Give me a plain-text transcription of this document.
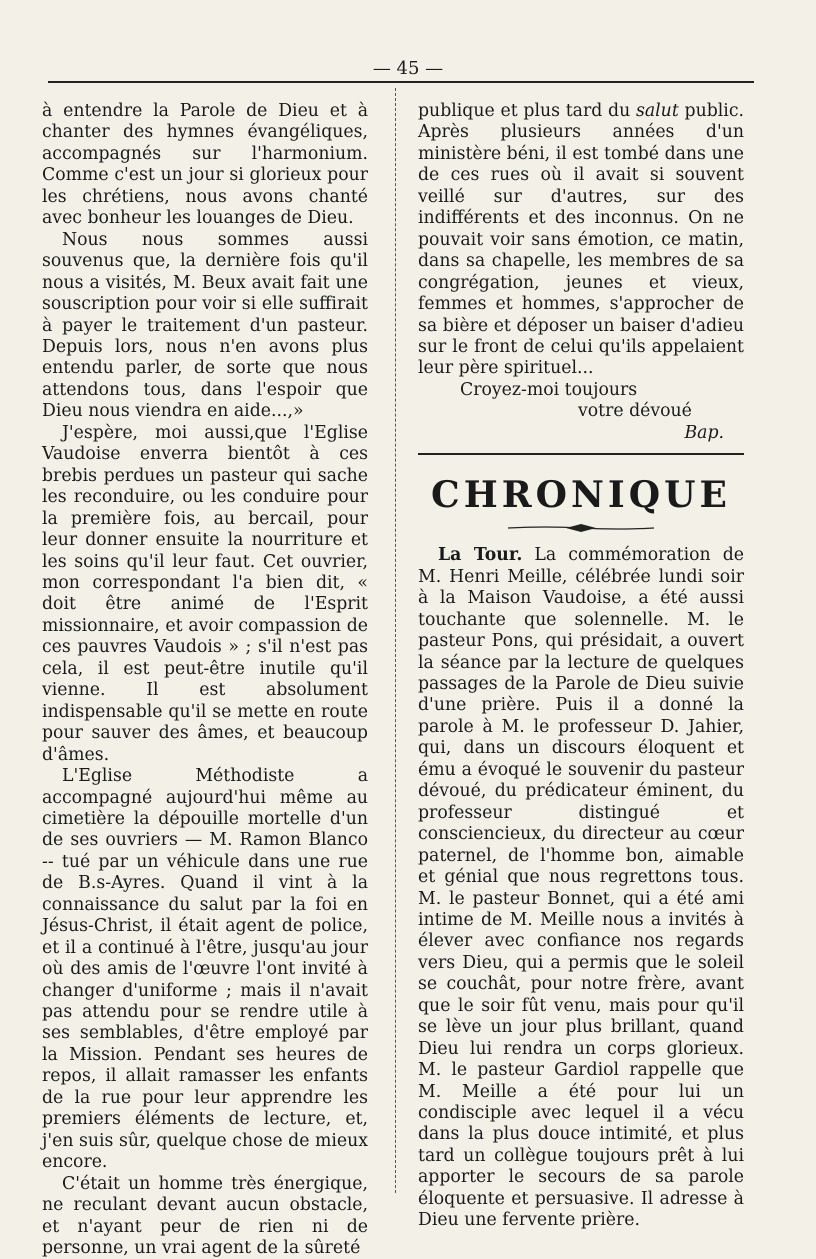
— 45 —

à entendre la Parole de Dieu et à chanter des hymnes évangéliques, accompagnés sur l'harmonium. Comme c'est un jour si glorieux pour les chrétiens, nous avons chanté avec bonheur les louanges de Dieu.

Nous nous sommes aussi souvenus que, la dernière fois qu'il nous a visités, M. Beux avait fait une souscription pour voir si elle suffirait à payer le traitement d'un pasteur. Depuis lors, nous n'en avons plus entendu parler, de sorte que nous attendons tous, dans l'espoir que Dieu nous viendra en aide...,»

J'espère, moi aussi,que l'Eglise Vaudoise enverra bientôt à ces brebis perdues un pasteur qui sache les reconduire, ou les conduire pour la première fois, au bercail, pour leur donner ensuite la nourriture et les soins qu'il leur faut. Cet ouvrier, mon correspondant l'a bien dit, « doit être animé de l'Esprit missionnaire, et avoir compassion de ces pauvres Vaudois » ; s'il n'est pas cela, il est peut-être inutile qu'il vienne. Il est absolument indispensable qu'il se mette en route pour sauver des âmes, et beaucoup d'âmes.

L'Eglise Méthodiste a accompagné aujourd'hui même au cimetière la dépouille mortelle d'un de ses ouvriers — M. Ramon Blanco -- tué par un véhicule dans une rue de B.s-Ayres. Quand il vint à la connaissance du salut par la foi en Jésus-Christ, il était agent de police, et il a continué à l'être, jusqu'au jour où des amis de l'œuvre l'ont invité à changer d'uniforme ; mais il n'avait pas attendu pour se rendre utile à ses semblables, d'être employé par la Mission. Pendant ses heures de repos, il allait ramasser les enfants de la rue pour leur apprendre les premiers éléments de lecture, et, j'en suis sûr, quelque chose de mieux encore.

C'était un homme très énergique, ne reculant devant aucun obstacle, et n'ayant peur de rien ni de personne, un vrai agent de la sûreté

publique et plus tard du salut public. Après plusieurs années d'un ministère béni, il est tombé dans une de ces rues où il avait si souvent veillé sur d'autres, sur des indifférents et des inconnus. On ne pouvait voir sans émotion, ce matin, dans sa chapelle, les membres de sa congrégation, jeunes et vieux, femmes et hommes, s'approcher de sa bière et déposer un baiser d'adieu sur le front de celui qu'ils appelaient leur père spirituel...

Croyez-moi toujours

votre dévoué

Bap.

CHRONIQUE

La Tour. La commémoration de M. Henri Meille, célébrée lundi soir à la Maison Vaudoise, a été aussi touchante que solennelle. M. le pasteur Pons, qui présidait, a ouvert la séance par la lecture de quelques passages de la Parole de Dieu suivie d'une prière. Puis il a donné la parole à M. le professeur D. Jahier, qui, dans un discours éloquent et ému a évoqué le souvenir du pasteur dévoué, du prédicateur éminent, du professeur distingué et consciencieux, du directeur au cœur paternel, de l'homme bon, aimable et génial que nous regrettons tous. M. le pasteur Bonnet, qui a été ami intime de M. Meille nous a invités à élever avec confiance nos regards vers Dieu, qui a permis que le soleil se couchât, pour notre frère, avant que le soir fût venu, mais pour qu'il se lève un jour plus brillant, quand Dieu lui rendra un corps glorieux. M. le pasteur Gardiol rappelle que M. Meille a été pour lui un condisciple avec lequel il a vécu dans la plus douce intimité, et plus tard un collègue toujours prêt à lui apporter le secours de sa parole éloquente et persuasive. Il adresse à Dieu une fervente prière.
